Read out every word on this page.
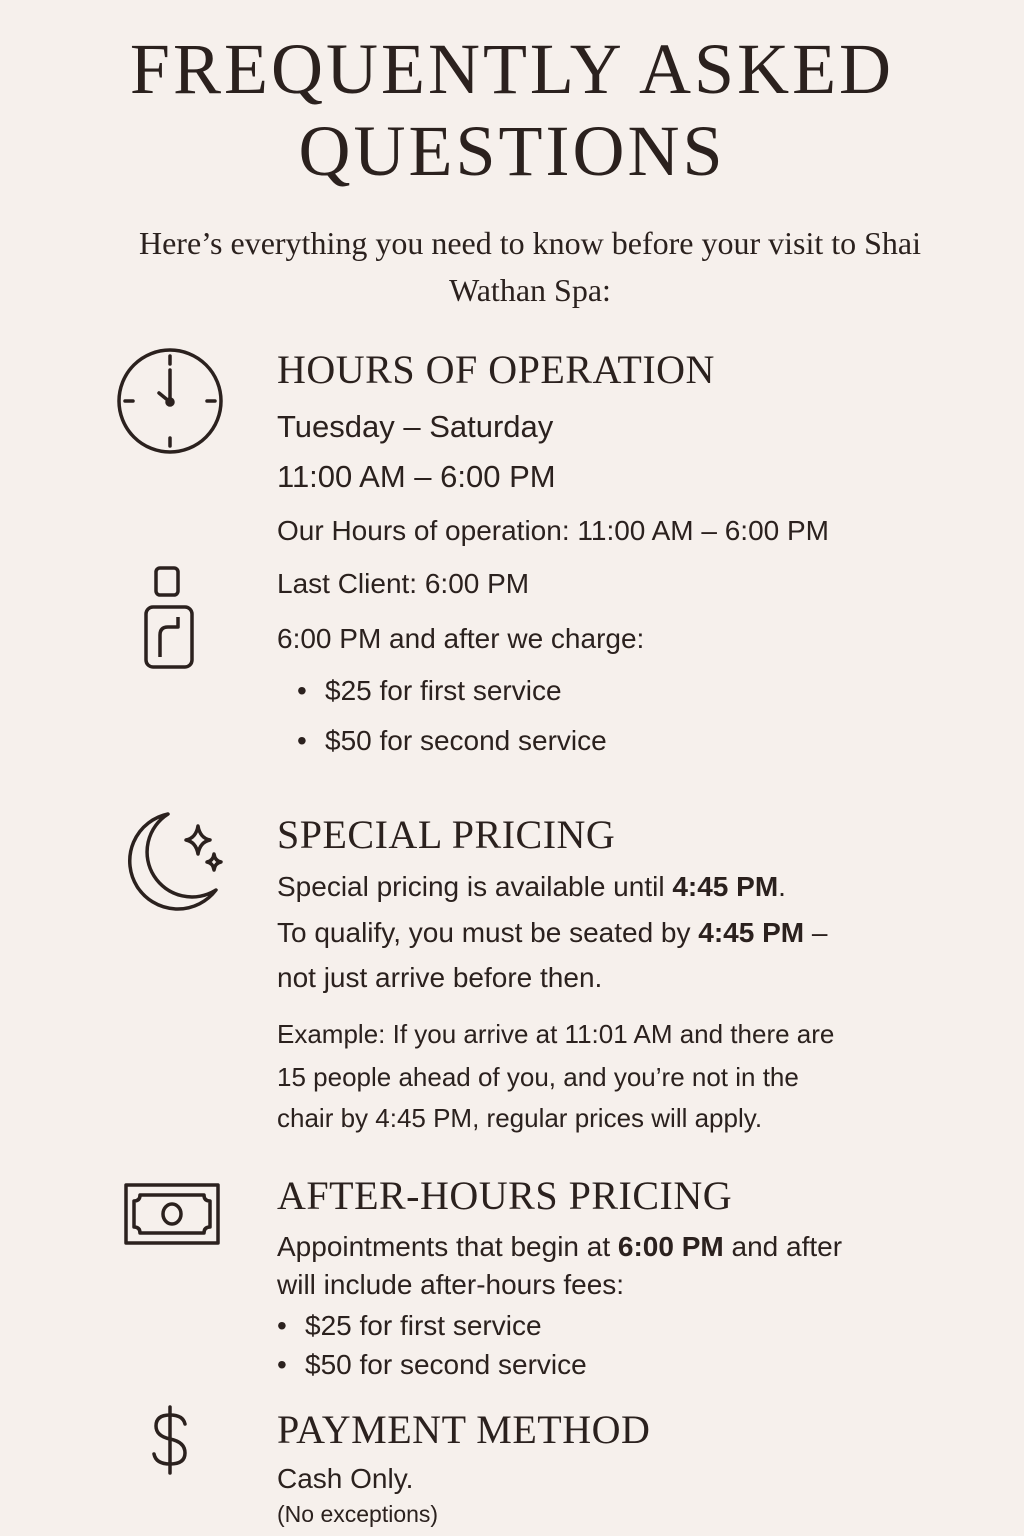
FREQUENTLY ASKED QUESTIONS
Here’s everything you need to know before your visit to Shai Wathan Spa:
HOURS OF OPERATION
Tuesday – Saturday
11:00 AM – 6:00 PM
Our Hours of operation: 11:00 AM – 6:00 PM
Last Client: 6:00 PM
6:00 PM and after we charge:
• $25 for first service
• $50 for second service
SPECIAL PRICING
Special pricing is available until 4:45 PM.
To qualify, you must be seated by 4:45 PM –
not just arrive before then.
Example: If you arrive at 11:01 AM and there are
15 people ahead of you, and you’re not in the
chair by 4:45 PM, regular prices will apply.
AFTER-HOURS PRICING
Appointments that begin at 6:00 PM and after
will include after-hours fees:
• $25 for first service
• $50 for second service
PAYMENT METHOD
Cash Only.
(No exceptions)
